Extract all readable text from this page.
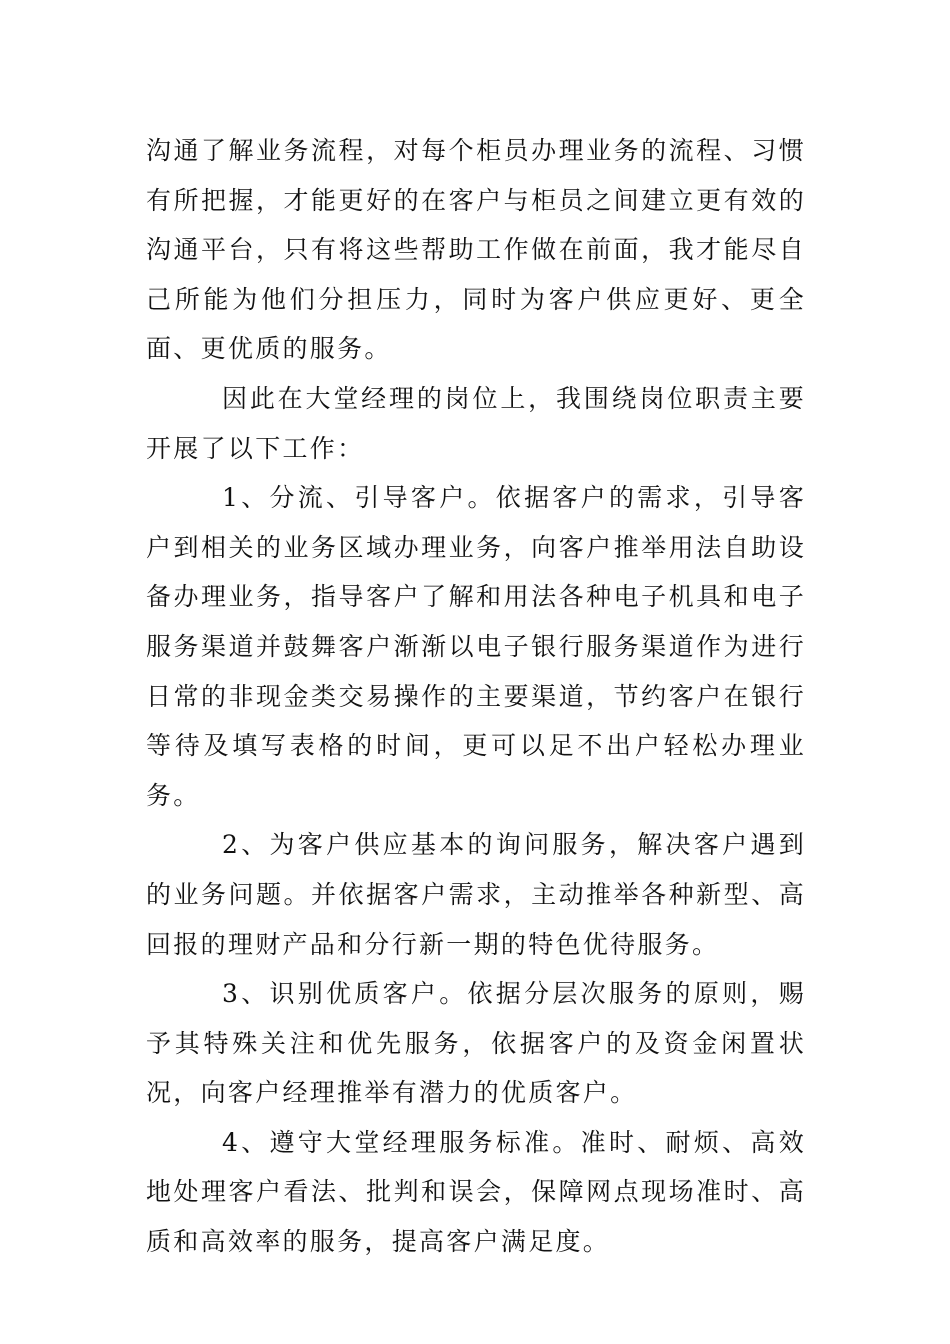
沟通了解业务流程，对每个柜员办理业务的流程、习惯有所把握，才能更好的在客户与柜员之间建立更有效的沟通平台，只有将这些帮助工作做在前面，我才能尽自己所能为他们分担压力，同时为客户供应更好、更全面、更优质的服务。

因此在大堂经理的岗位上，我围绕岗位职责主要开展了以下工作：

1、分流、引导客户。依据客户的需求，引导客户到相关的业务区域办理业务，向客户推举用法自助设备办理业务，指导客户了解和用法各种电子机具和电子服务渠道并鼓舞客户渐渐以电子银行服务渠道作为进行日常的非现金类交易操作的主要渠道，节约客户在银行等待及填写表格的时间，更可以足不出户轻松办理业务。

2、为客户供应基本的询问服务，解决客户遇到的业务问题。并依据客户需求，主动推举各种新型、高回报的理财产品和分行新一期的特色优待服务。

3、识别优质客户。依据分层次服务的原则，赐予其特殊关注和优先服务，依据客户的及资金闲置状况，向客户经理推举有潜力的优质客户。

4、遵守大堂经理服务标准。准时、耐烦、高效地处理客户看法、批判和误会，保障网点现场准时、高质和高效率的服务，提高客户满足度。
